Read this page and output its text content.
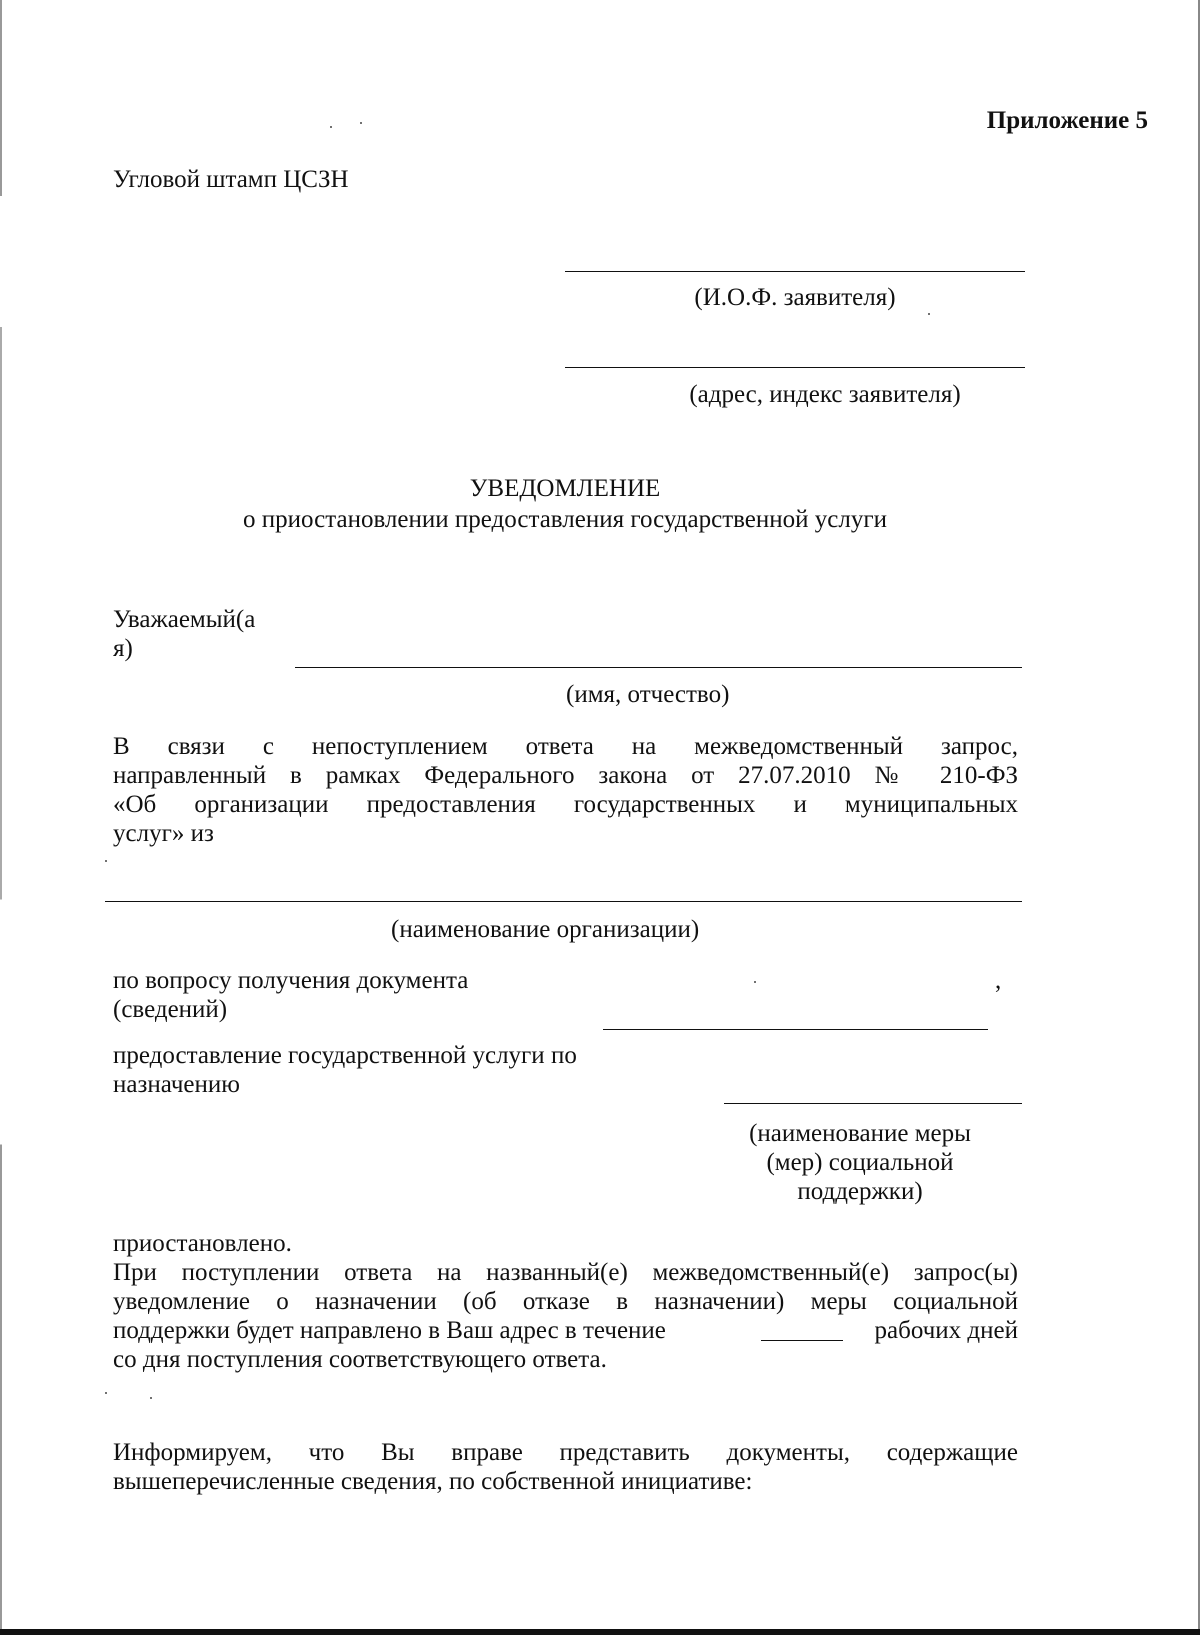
Приложение 5
Угловой штамп ЦСЗН
(И.О.Ф. заявителя)
(адрес, индекс заявителя)
УВЕДОМЛЕНИЕ
о приостановлении предоставления государственной услуги
Уважаемый(а
я)
(имя, отчество)
В связи с непоступлением ответа на межведомственный запрос,
направленный в рамках Федерального закона от 27.07.2010 № 210-ФЗ
«Об организации предоставления государственных и муниципальных
услуг» из
(наименование организации)
по вопросу получения документа
(сведений)
,
предоставление государственной услуги по
назначению
(наименование меры
(мер) социальной
поддержки)
приостановлено.
При поступлении ответа на названный(е) межведомственный(е) запрос(ы)
уведомление о назначении (об отказе в назначении) меры социальной
поддержки будет направлено в Ваш адрес в течение	рабочих дней
со дня поступления соответствующего ответа.
Информируем, что Вы вправе представить документы, содержащие
вышеперечисленные сведения, по собственной инициативе:
